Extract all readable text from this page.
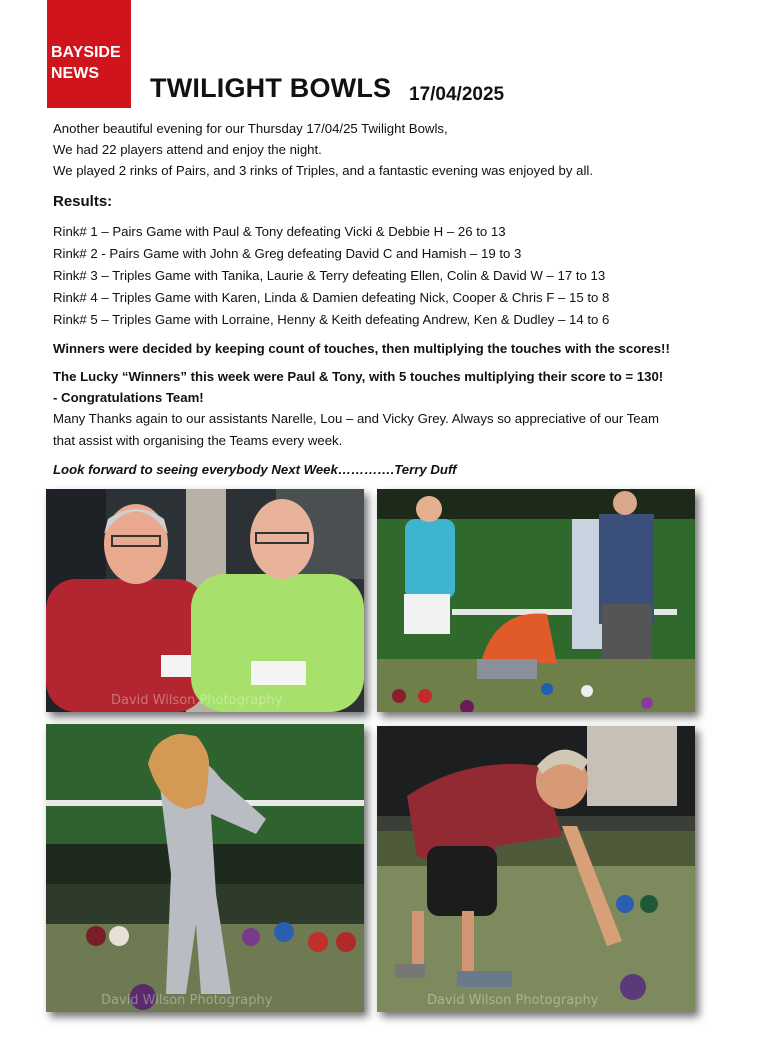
BAYSIDE
NEWS	TWILIGHT BOWLS 17/04/2025
Another beautiful evening for our Thursday 17/04/25 Twilight Bowls,
We had 22 players attend and enjoy the night.
We played 2 rinks of Pairs, and 3 rinks of Triples, and a fantastic evening was enjoyed by all.
Results:
Rink# 1 – Pairs Game with Paul & Tony defeating Vicki & Debbie H – 26 to 13
Rink# 2 - Pairs Game with John & Greg defeating David C and Hamish – 19 to 3
Rink# 3 – Triples Game with Tanika, Laurie & Terry defeating Ellen, Colin & David W – 17 to 13
Rink# 4 – Triples Game with Karen, Linda & Damien defeating Nick, Cooper & Chris F – 15 to 8
Rink# 5 – Triples Game with Lorraine, Henny & Keith defeating Andrew, Ken & Dudley – 14 to 6
Winners were decided by keeping count of touches, then multiplying the touches with the scores!!
The Lucky “Winners” this week were Paul & Tony, with 5 touches multiplying their score to = 130!
- Congratulations Team!
Many Thanks again to our assistants Narelle, Lou – and Vicky Grey. Always so appreciative of our Team
that assist with organising the Teams every week.
Look forward to seeing everybody Next Week………….Terry Duff
David Wilson Photography
David Wilson Photography	David Wilson Photography
